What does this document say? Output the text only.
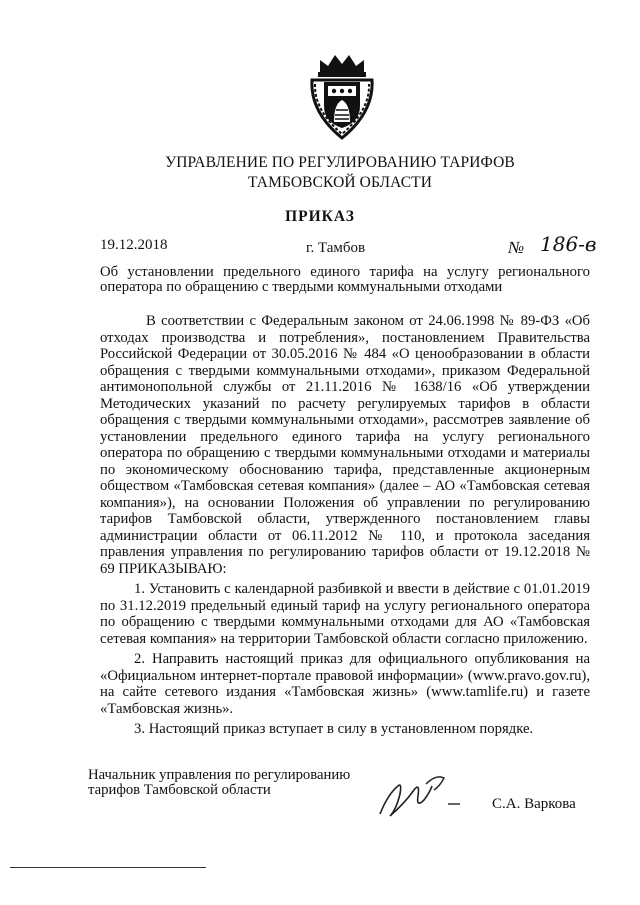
УПРАВЛЕНИЕ ПО РЕГУЛИРОВАНИЮ ТАРИФОВ
ТАМБОВСКОЙ ОБЛАСТИ
ПРИКАЗ
19.12.2018	г. Тамбов	№ 186-в
Об установлении предельного единого тарифа на услугу регионального оператора по обращению с твердыми коммунальными отходами

В соответствии с Федеральным законом от 24.06.1998 № 89-ФЗ «Об отходах производства и потребления», постановлением Правительства Российской Федерации от 30.05.2016 № 484 «О ценообразовании в области обращения с твердыми коммунальными отходами», приказом Федеральной антимонопольной службы от 21.11.2016 № 1638/16 «Об утверждении Методических указаний по расчету регулируемых тарифов в области обращения с твердыми коммунальными отходами», рассмотрев заявление об установлении предельного единого тарифа на услугу регионального оператора по обращению с твердыми коммунальными отходами и материалы по экономическому обоснованию тарифа, представленные акционерным обществом «Тамбовская сетевая компания» (далее – АО «Тамбовская сетевая компания»), на основании Положения об управлении по регулированию тарифов Тамбовской области, утвержденного постановлением главы администрации области от 06.11.2012 № 110, и протокола заседания правления управления по регулированию тарифов области от 19.12.2018 № 69 ПРИКАЗЫВАЮ:

1. Установить с календарной разбивкой и ввести в действие с 01.01.2019 по 31.12.2019 предельный единый тариф на услугу регионального оператора по обращению с твердыми коммунальными отходами для АО «Тамбовская сетевая компания» на территории Тамбовской области согласно приложению.

2. Направить настоящий приказ для официального опубликования на «Официальном интернет-портале правовой информации» (www.pravo.gov.ru), на сайте сетевого издания «Тамбовская жизнь» (www.tamlife.ru) и газете «Тамбовская жизнь».

3. Настоящий приказ вступает в силу в установленном порядке.

Начальник управления по регулированию тарифов Тамбовской области
С.А. Варкова
